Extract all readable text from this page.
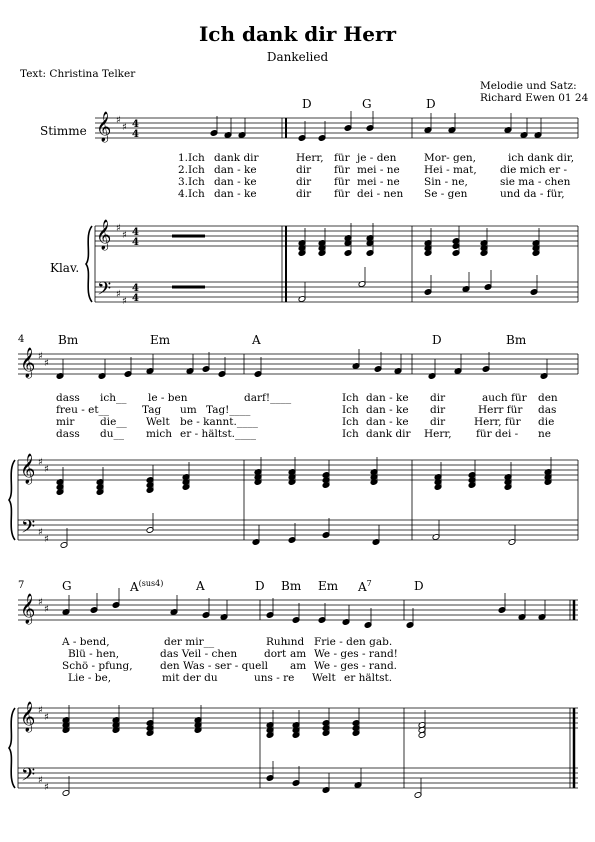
Ich dank dir Herr
Dankelied
Text: Christina Telker
Melodie und Satz:
Richard Ewen 01 24
Stimme
Klav.
D	G	D
1.Ich dank dir	Herr, für je - den	Mor- gen,	ich dank dir,
2.Ich dan - ke	dir für mei - ne Hei - mat, die mich er -
3.Ich dan - ke	dir für mei - ne Sin - ne,	sie ma - chen
4.Ich dan - ke	dir für dei - nen Se - gen	und da - für,
4	Bm	Em	A	D	Bm
dass ich__ le - ben	darf!____	Ich dan - ke dir	auch für den
freu - et__	Tag um Tag!____	Ich dan - ke dir	Herr für das
mir die__ Welt be - kannt.____	Ich dan - ke dir	Herr, für die
dass du__ mich er - hältst.____	Ich dank dir Herr, für dei - ne
7	G	$A^{(sus4)}$	A	D Bm Em $A^7$	D
A - bend,	der mir__	Ruh
und Frie - den gab.
Blü - hen,	das Veil - chen	dort am We - ges - rand!
Schö - pfung,	den Was - ser - quell am We - ges - rand.
Lie - be,	mit der du	uns - re Welt er hältst.
𝄞 ♯
♯ 4
4
𝄞 ♯
♯ 4
4
𝄢 ♯
♯
4
4
𝄞 ♯
♯
𝄞 ♯
♯
𝄢 ♯
♯
𝄞 ♯
♯
𝄞 ♯
♯
𝄢 ♯
♯
